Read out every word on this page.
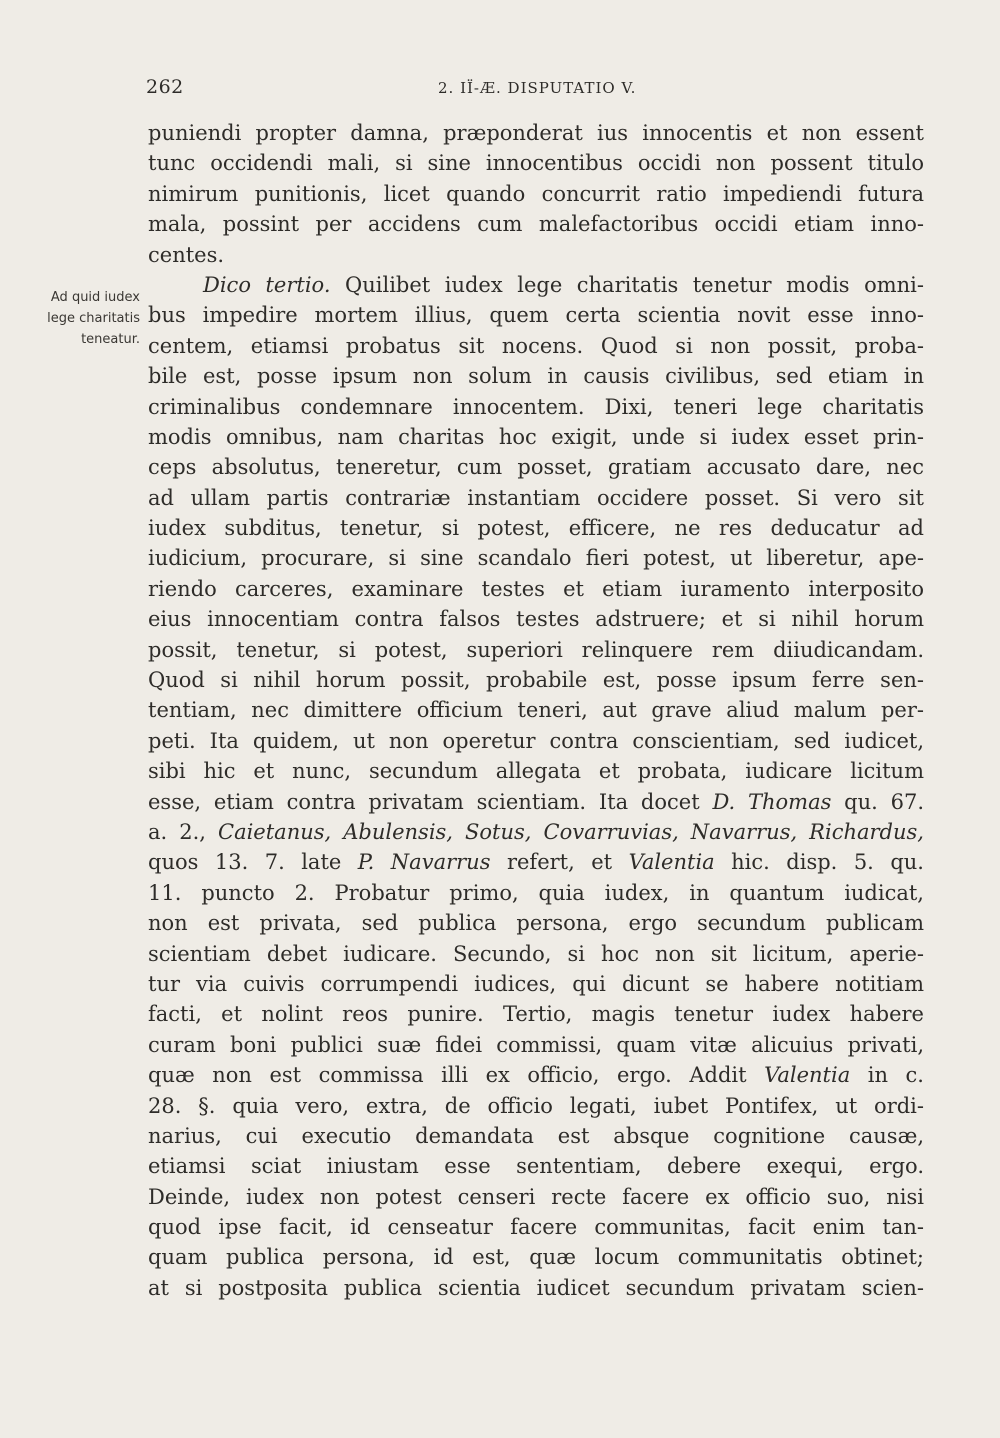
262	2. IÏ-Æ. DISPUTATIO V.
Ad quid iudex
lege charitatis
teneatur.
puniendi propter damna, præponderat ius innocentis et non essent
tunc occidendi mali, si sine innocentibus occidi non possent titulo
nimirum punitionis, licet quando concurrit ratio impediendi futura
mala, possint per accidens cum malefactoribus occidi etiam inno-
centes.
Dico tertio. Quilibet iudex lege charitatis tenetur modis omni-
bus impedire mortem illius, quem certa scientia novit esse inno-
centem, etiamsi probatus sit nocens. Quod si non possit, proba-
bile est, posse ipsum non solum in causis civilibus, sed etiam in
criminalibus condemnare innocentem. Dixi, teneri lege charitatis
modis omnibus, nam charitas hoc exigit, unde si iudex esset prin-
ceps absolutus, teneretur, cum posset, gratiam accusato dare, nec
ad ullam partis contrariæ instantiam occidere posset. Si vero sit
iudex subditus, tenetur, si potest, efficere, ne res deducatur ad
iudicium, procurare, si sine scandalo fieri potest, ut liberetur, ape-
riendo carceres, examinare testes et etiam iuramento interposito
eius innocentiam contra falsos testes adstruere; et si nihil horum
possit, tenetur, si potest, superiori relinquere rem diiudicandam.
Quod si nihil horum possit, probabile est, posse ipsum ferre sen-
tentiam, nec dimittere officium teneri, aut grave aliud malum per-
peti. Ita quidem, ut non operetur contra conscientiam, sed iudicet,
sibi hic et nunc, secundum allegata et probata, iudicare licitum
esse, etiam contra privatam scientiam. Ita docet D. Thomas qu. 67.
a. 2., Caietanus, Abulensis, Sotus, Covarruvias, Navarrus, Richardus,
quos 13. 7. late P. Navarrus refert, et Valentia hic. disp. 5. qu.
11. puncto 2. Probatur primo, quia iudex, in quantum iudicat,
non est privata, sed publica persona, ergo secundum publicam
scientiam debet iudicare. Secundo, si hoc non sit licitum, aperie-
tur via cuivis corrumpendi iudices, qui dicunt se habere notitiam
facti, et nolint reos punire. Tertio, magis tenetur iudex habere
curam boni publici suæ fidei commissi, quam vitæ alicuius privati,
quæ non est commissa illi ex officio, ergo. Addit Valentia in c.
28. §. quia vero, extra, de officio legati, iubet Pontifex, ut ordi-
narius, cui executio demandata est absque cognitione causæ,
etiamsi sciat iniustam esse sententiam, debere exequi, ergo.
Deinde, iudex non potest censeri recte facere ex officio suo, nisi
quod ipse facit, id censeatur facere communitas, facit enim tan-
quam publica persona, id est, quæ locum communitatis obtinet;
at si postposita publica scientia iudicet secundum privatam scien-
